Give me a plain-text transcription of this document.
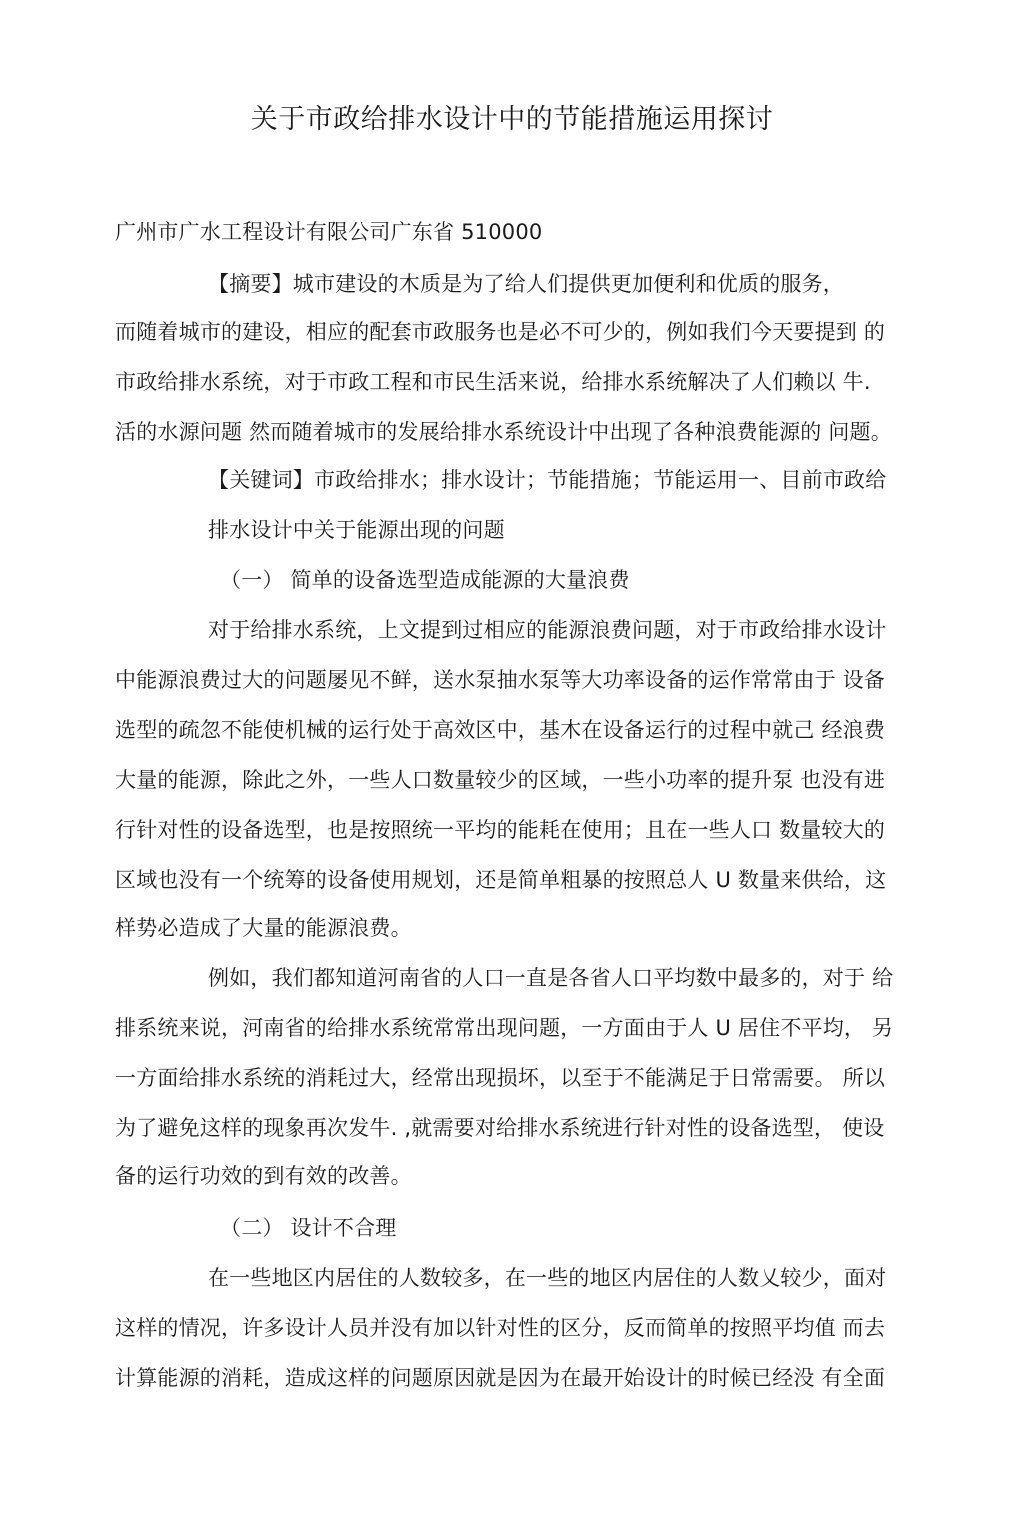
关于市政给排水设计中的节能措施运用探讨
广州市广水工程设计有限公司广东省 510000
【摘要】城市建设的木质是为了给人们提供更加便利和优质的服务，
而随着城市的建设，相应的配套市政服务也是必不可少的，例如我们今天要提到 的
市政给排水系统，对于市政工程和市民生活来说，给排水系统解决了人们赖以 牛.
活的水源问题 然而随着城市的发展给排水系统设计中出现了各种浪费能源的 问题。
【关键词】市政给排水；排水设计；节能措施；节能运用一、目前市政给
排水设计中关于能源出现的问题
（一） 简单的设备选型造成能源的大量浪费
对于给排水系统，上文提到过相应的能源浪费问题，对于市政给排水设计
中能源浪费过大的问题屡见不鲜，送水泵抽水泵等大功率设备的运作常常由于 设备
选型的疏忽不能使机械的运行处于高效区中，基木在设备运行的过程中就己 经浪费
大量的能源，除此之外，一些人口数量较少的区域，一些小功率的提升泵 也没有进
行针对性的设备选型，也是按照统一平均的能耗在使用；且在一些人口 数量较大的
区域也没有一个统筹的设备使用规划，还是简单粗暴的按照总人 U 数量来供给，这
样势必造成了大量的能源浪费。
例如，我们都知道河南省的人口一直是各省人口平均数中最多的，对于 给
排系统来说，河南省的给排水系统常常出现问题，一方面由于人 U 居住不平均， 另
一方面给排水系统的消耗过大，经常出现损坏，以至于不能满足于日常需要。 所以
为了避免这样的现象再次发牛. ,就需要对给排水系统进行针对性的设备选型， 使设
备的运行功效的到有效的改善。
（二） 设计不合理
在一些地区内居住的人数较多，在一些的地区内居住的人数乂较少，面对
这样的情况，许多设计人员并没有加以针对性的区分，反而简单的按照平均值 而去
计算能源的消耗，造成这样的问题原因就是因为在最开始设计的时候已经没 有全面
